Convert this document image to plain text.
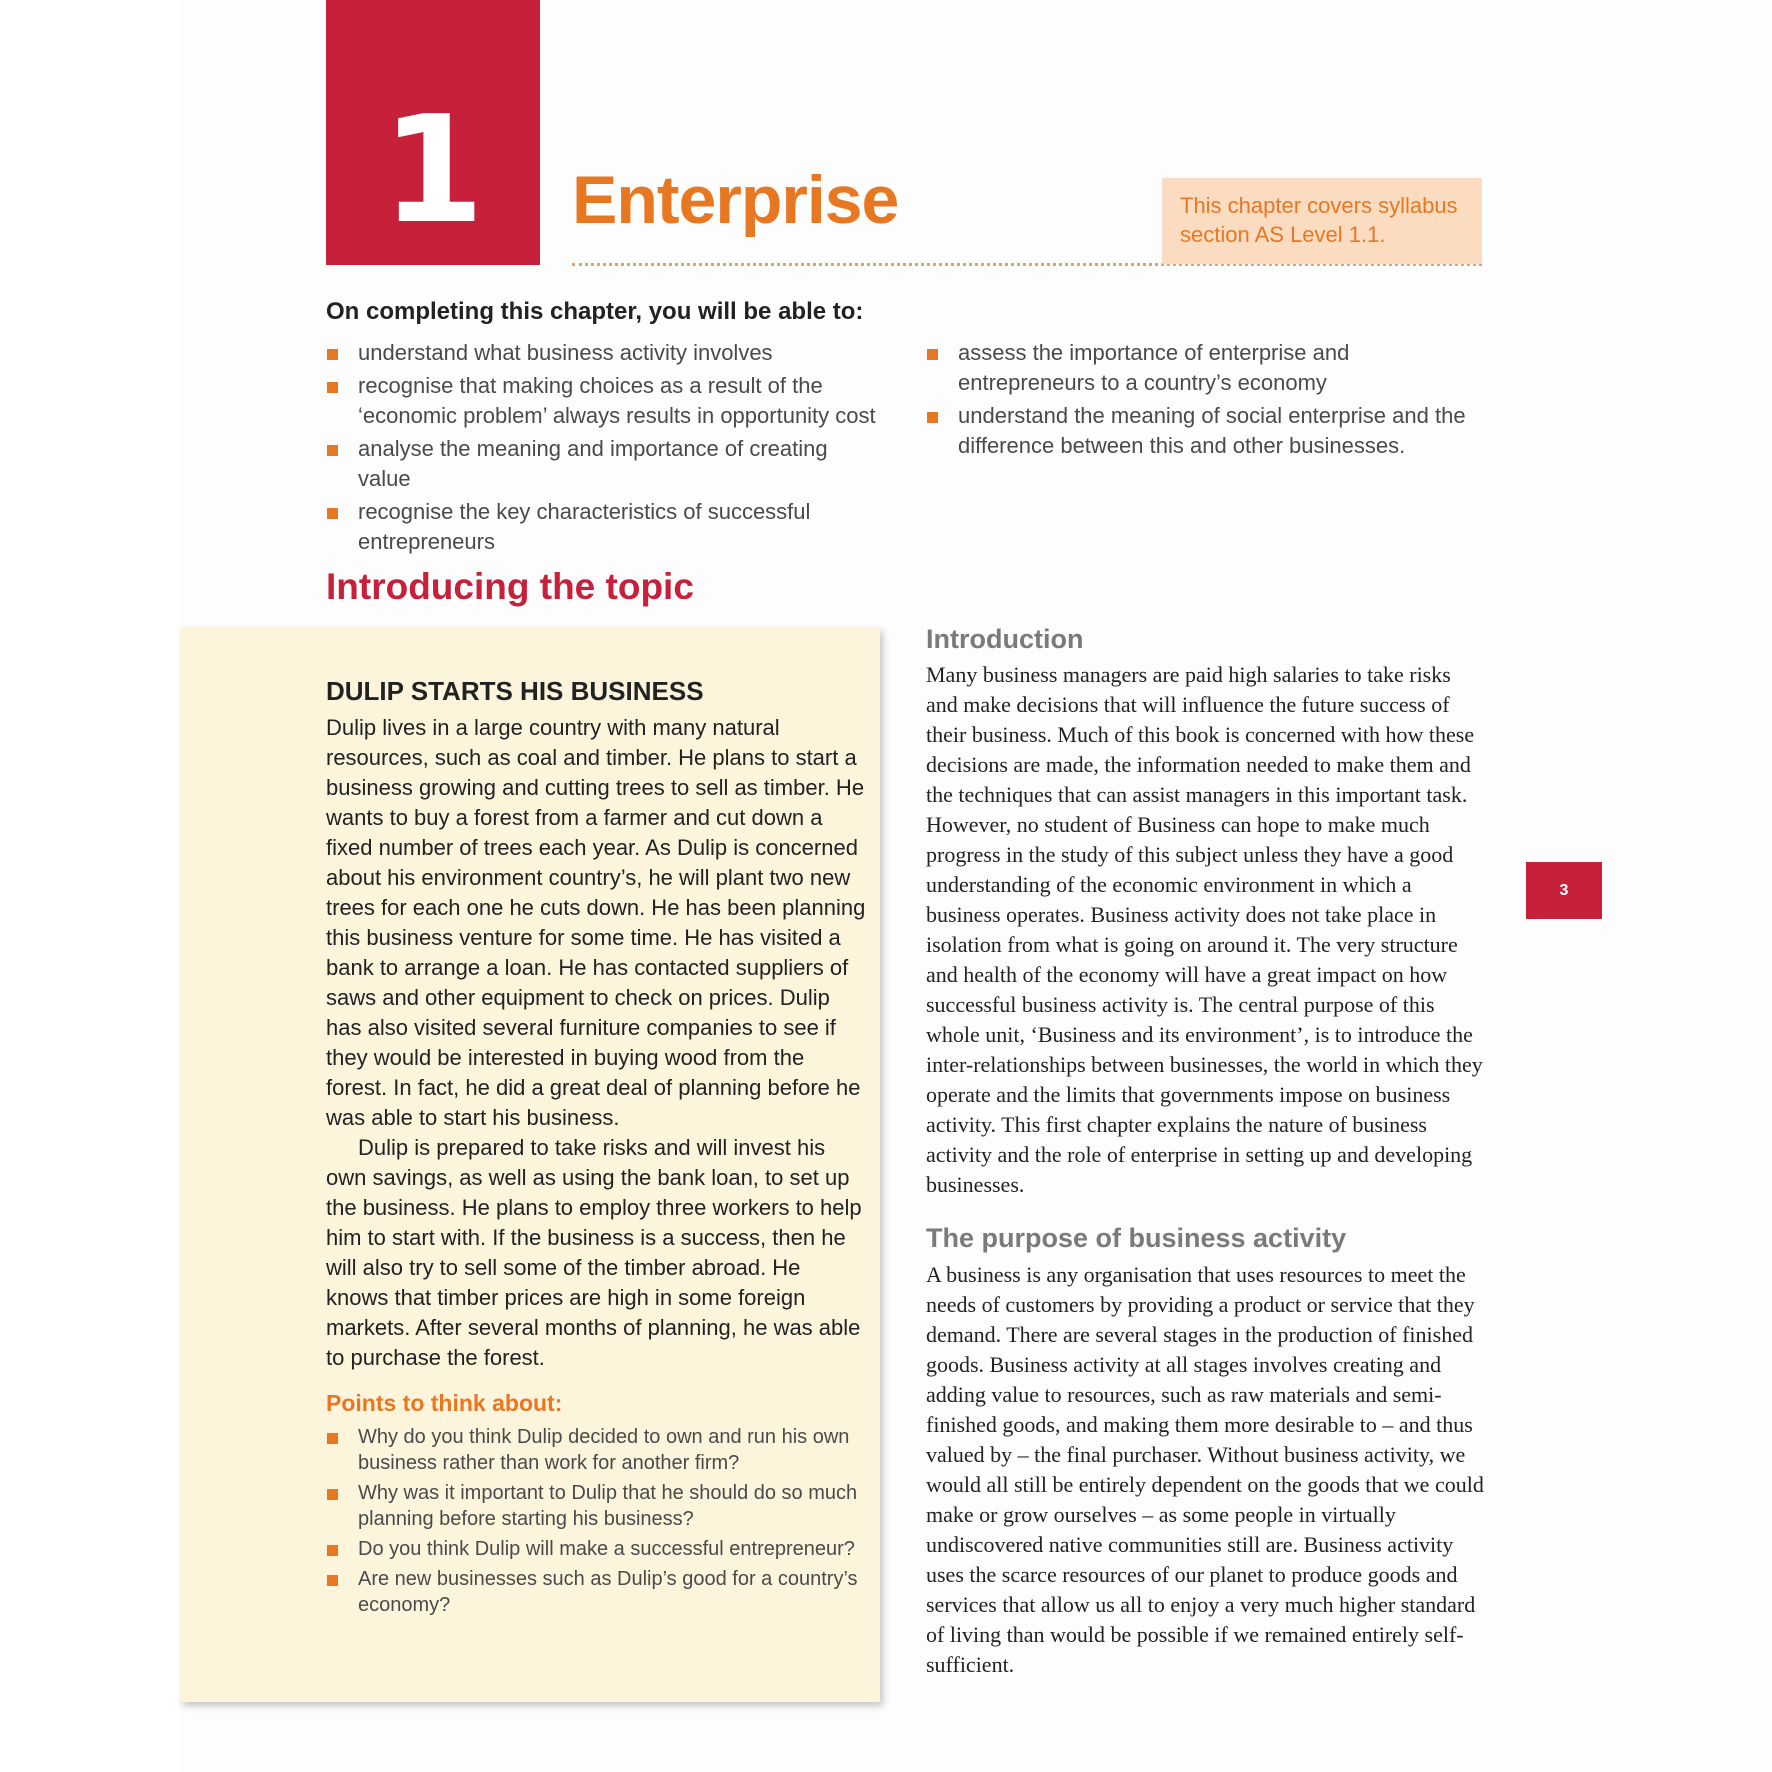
1	Enterprise	This chapter covers syllabus section AS Level 1.1.
On completing this chapter, you will be able to:
understand what business activity involves
recognise that making choices as a result of the ‘economic problem’ always results in opportunity cost
analyse the meaning and importance of creating value
recognise the key characteristics of successful entrepreneurs
assess the importance of enterprise and entrepreneurs to a country’s economy
understand the meaning of social enterprise and the difference between this and other businesses.
Introducing the topic
DULIP STARTS HIS BUSINESS

Dulip lives in a large country with many natural resources, such as coal and timber. He plans to start a business growing and cutting trees to sell as timber. He wants to buy a forest from a farmer and cut down a fixed number of trees each year. As Dulip is concerned about his environment country’s, he will plant two new trees for each one he cuts down. He has been planning this business venture for some time. He has visited a bank to arrange a loan. He has contacted suppliers of saws and other equipment to check on prices. Dulip has also visited several furniture companies to see if they would be interested in buying wood from the forest. In fact, he did a great deal of planning before he was able to start his business.

Dulip is prepared to take risks and will invest his own savings, as well as using the bank loan, to set up the business. He plans to employ three workers to help him to start with. If the business is a success, then he will also try to sell some of the timber abroad. He knows that timber prices are high in some foreign markets. After several months of planning, he was able to purchase the forest.

Points to think about:
Why do you think Dulip decided to own and run his own business rather than work for another firm?
Why was it important to Dulip that he should do so much planning before starting his business?
Do you think Dulip will make a successful entrepreneur?
Are new businesses such as Dulip’s good for a country’s economy?
Introduction

Many business managers are paid high salaries to take risks and make decisions that will influence the future success of their business. Much of this book is concerned with how these decisions are made, the information needed to make them and the techniques that can assist managers in this important task. However, no student of Business can hope to make much progress in the study of this subject unless they have a good understanding of the economic environment in which a business operates. Business activity does not take place in isolation from what is going on around it. The very structure and health of the economy will have a great impact on how successful business activity is. The central purpose of this whole unit, ‘Business and its environment’, is to introduce the inter-relationships between businesses, the world in which they operate and the limits that governments impose on business activity. This first chapter explains the nature of business activity and the role of enterprise in setting up and developing businesses.

The purpose of business activity

A business is any organisation that uses resources to meet the needs of customers by providing a product or service that they demand. There are several stages in the production of finished goods. Business activity at all stages involves creating and adding value to resources, such as raw materials and semi-finished goods, and making them more desirable to – and thus valued by – the final purchaser. Without business activity, we would all still be entirely dependent on the goods that we could make or grow ourselves – as some people in virtually undiscovered native communities still are. Business activity uses the scarce resources of our planet to produce goods and services that allow us all to enjoy a very much higher standard of living than would be possible if we remained entirely self-sufficient.

3
